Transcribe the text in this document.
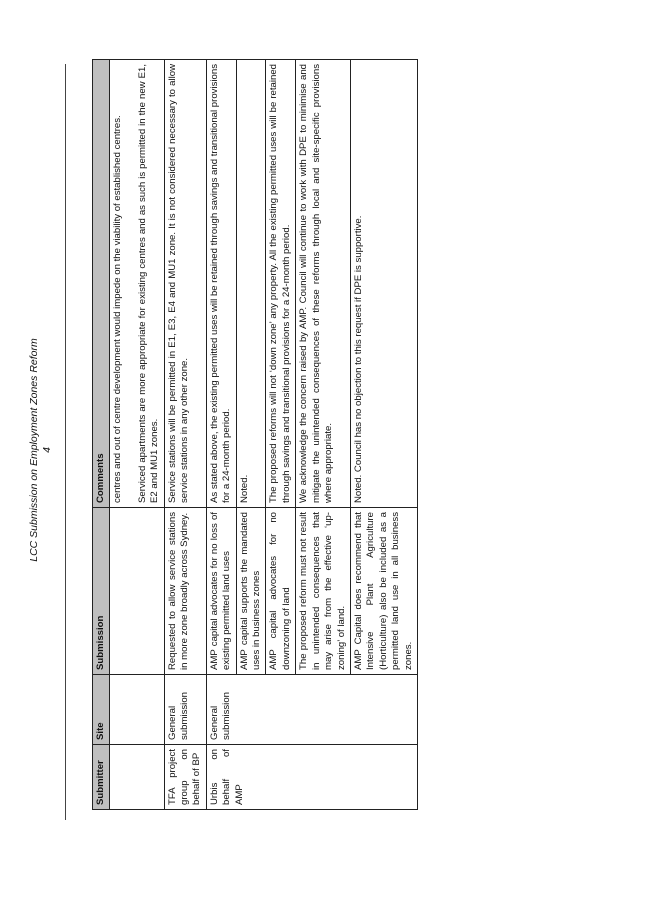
LCC Submission on Employment Zones Reform 4
Submitter	Site	Submission	Comments

			centres and out of centre development would impede on the viability of established centres. Serviced apartments are more appropriate for existing centres and as such is permitted in the new E1, E2 and MU1 zones.

TFA project group on behalf of BP	General submission	Requested to allow service stations in more zone broadly across Sydney.	Service stations will be permitted in E1, E3, E4 and MU1 zone. It is not considered necessary to allow service stations in any other zone.
Urbis on behalf of AMP	General submission	AMP capital advocates for no loss of existing permitted land uses	As stated above, the existing permitted uses will be retained through savings and transitional provisions for a 24-month period.
		AMP capital supports the mandated uses in business zones	Noted.
		AMP capital advocates for no downzoning of land	The proposed reforms will not ‘down zone’ any property. All the existing permitted uses will be retained through savings and transitional provisions for a 24-month period.
		The proposed reform must not result in unintended consequences that may arise from the effective ‘up-zoning’ of land.	We acknowledge the concern raised by AMP. Council will continue to work with DPE to minimise and mitigate the unintended consequences of these reforms through local and site-specific provisions where appropriate.
		AMP Capital does recommend that Intensive Plant Agriculture (Horticulture) also be included as a permitted land use in all business zones.	Noted. Council has no objection to this request if DPE is supportive.
